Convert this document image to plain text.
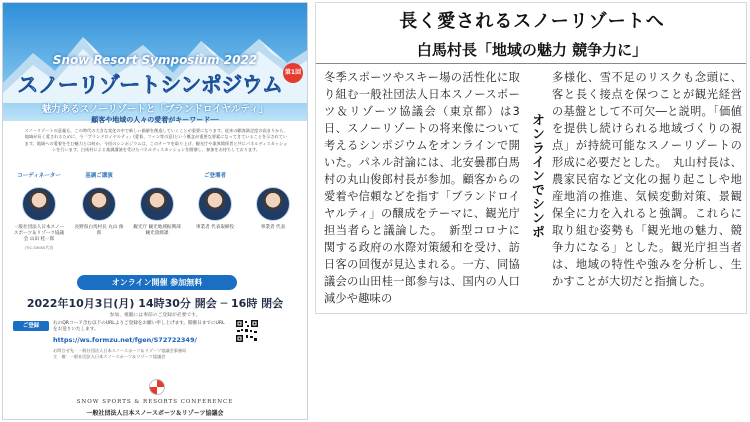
Snow Resort Symposium 2022
スノーリゾートシンポジウム
第1回
魅力あるスノーリゾートと「ブランドロイヤルティ」
顧客や地域の人々の愛着がキーワード──
スノーリゾートの意義も、この時代の大きな変化の中で新しい価値を創造していくことが重要になります。従来の顧客満足度の高まりから、地域が長く愛されるために、今「ブランドロイヤルティ」(愛着、ファン等の意)という概念が重要な要素になってきていることを示されています。地域への愛着を生む魅力とは何か。今回のシンポジウムは、このテーマを取り上げ、観光庁や業界関係者と共にパネルディスカッションを行います。白馬村による基調講演を受けたパネルディスカッションを開催し、参加をお待ちしております。
コーディネーター
一般社団法人日本スノースポーツ＆リゾーツ協議会 山田 桂一郎
JTIC.SWISS代表
基調ご講演
長野県白馬村長 丸山 俊郎
観光庁 観光地域振興部 観光資源課
ご登壇者
事業者 代表取締役	事業者 代表
オンライン開催 参加無料
2022年10月3日(月) 14時30分 開会 ─ 16時 閉会
参加、視聴には事前のご登録が必要です。
ご登録	右のQRコード含む以下のURLよりご登録をお願い申し上げます。開催日までにURLをお送りいたします。
https://ws.formzu.net/fgen/S72722349/
お問合せ先：一般社団法人日本スノースポーツ＆リゾーツ協議会事務局
主　催：一般社団法人日本スノースポーツ＆リゾーツ協議会
SNOW SPORTS & RESORTS CONFERENCE
一般社団法人日本スノースポーツ＆リゾーツ協議会
長く愛されるスノーリゾートへ
白馬村長「地域の魅力 競争力に」
冬季スポーツやスキー場の活性化に取り組む一般社団法人日本スノースポーツ＆リゾーツ協議会（東京都）は3日、スノーリゾートの将来像について考えるシンポジウムをオンラインで開いた。パネル討論には、北安曇郡白馬村の丸山俊郎村長が参加。顧客からの愛着や信頼などを指す「ブランドロイヤルティ」の醸成をテーマに、観光庁担当者らと議論した。　新型コロナに関する政府の水際対策緩和を受け、訪日客の回復が見込まれる。一方、同協議会の山田桂一郎参与は、国内の人口減少や趣味の
オンラインでシンポ
多様化、雪不足のリスクも念頭に、客と長く接点を保つことが観光経営の基盤として不可欠―と説明。「価値を提供し続けられる地域づくりの視点」が持続可能なスノーリゾートの形成に必要だとした。　丸山村長は、農家民宿など文化の掘り起こしや地産地消の推進、気候変動対策、景観保全に力を入れると強調。これらに取り組む姿勢も「観光地の魅力、競争力になる」とした。観光庁担当者は、地域の特性や強みを分析し、生かすことが大切だと指摘した。
